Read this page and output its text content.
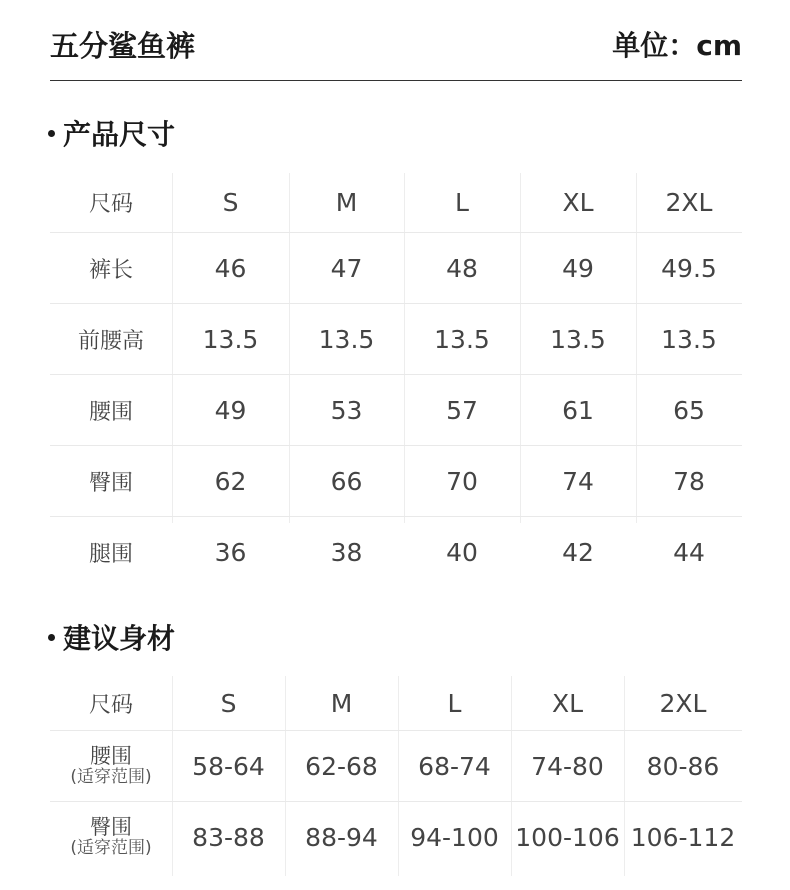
五分鲨鱼裤	单位：cm
产品尺寸
尺码	S	M	L	XL	2XL
裤长	46	47	48	49	49.5
前腰高	13.5	13.5	13.5	13.5	13.5
腰围	49	53	57	61	65
臀围	62	66	70	74	78
腿围	36	38	40	42	44
建议身材
尺码	S	M	L	XL	2XL
腰围
(适穿范围)	58-64	62-68	68-74	74-80	80-86
臀围
(适穿范围)	83-88	88-94	94-100 100-106 106-112
